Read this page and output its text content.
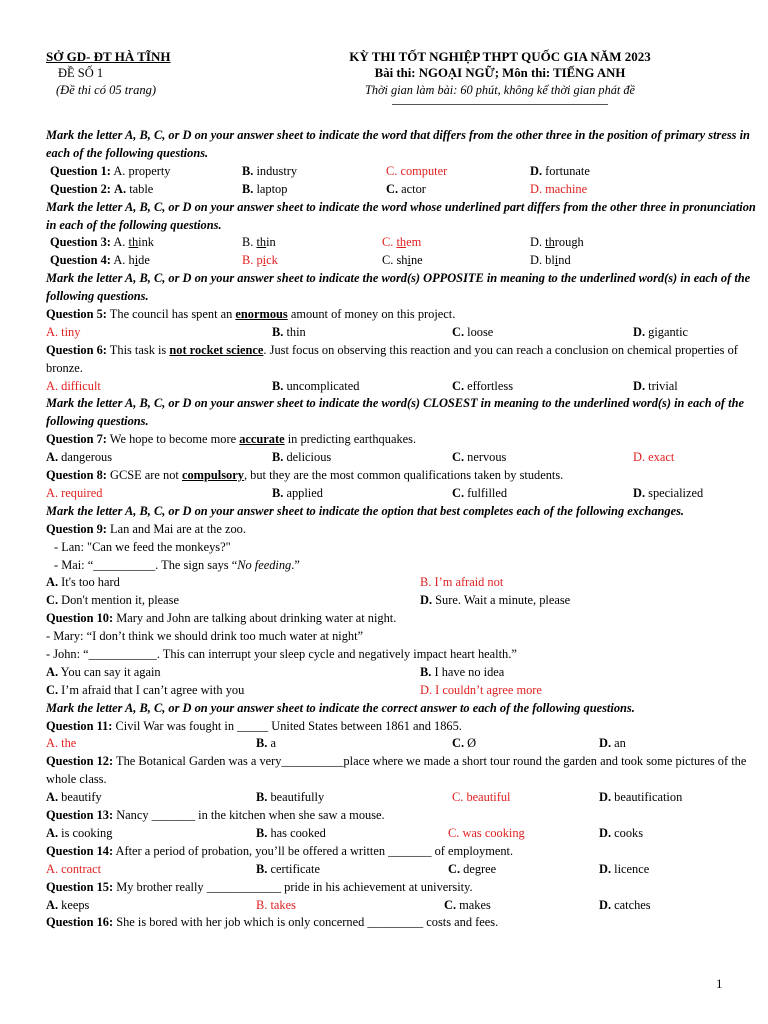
SỞ GD- ĐT HÀ TĨNH
ĐỀ SỐ 1
(Đề thi có 05 trang)
KỲ THI TỐT NGHIỆP THPT QUỐC GIA NĂM 2023
Bài thi: NGOẠI NGỮ; Môn thi: TIẾNG ANH
Thời gian làm bài: 60 phút, không kể thời gian phát đề
Mark the letter A, B, C, or D on your answer sheet to indicate the word that differs from the other three in the position of primary stress in each of the following questions.
Question 1: A. property	B. industry	C. computer	D. fortunate
Question 2: A. table	B. laptop	C. actor	D. machine
Mark the letter A, B, C, or D on your answer sheet to indicate the word whose underlined part differs from the other three in pronunciation in each of the following questions.
Question 3: A. think	B. thin	C. them	D. through
Question 4: A. hide	B. pick	C. shine	D. blind
Mark the letter A, B, C, or D on your answer sheet to indicate the word(s) OPPOSITE in meaning to the underlined word(s) in each of the following questions.
Question 5: The council has spent an enormous amount of money on this project.
A. tiny	B. thin	C. loose	D. gigantic
Question 6: This task is not rocket science. Just focus on observing this reaction and you can reach a conclusion on chemical properties of bronze.
A. difficult	B. uncomplicated	C. effortless	D. trivial
Mark the letter A, B, C, or D on your answer sheet to indicate the word(s) CLOSEST in meaning to the underlined word(s) in each of the following questions.
Question 7: We hope to become more accurate in predicting earthquakes.
A. dangerous	B. delicious	C. nervous	D. exact
Question 8: GCSE are not compulsory, but they are the most common qualifications taken by students.
A. required	B. applied	C. fulfilled	D. specialized
Mark the letter A, B, C, or D on your answer sheet to indicate the option that best completes each of the following exchanges.
Question 9: Lan and Mai are at the zoo.
- Lan: "Can we feed the monkeys?"
- Mai: “__________. The sign says “No feeding.”
A. It's too hard	B. I’m afraid not
C. Don't mention it, please	D. Sure. Wait a minute, please
Question 10: Mary and John are talking about drinking water at night.
- Mary: “I don’t think we should drink too much water at night”
- John: “___________. This can interrupt your sleep cycle and negatively impact heart health.”
A. You can say it again	B. I have no idea
C. I’m afraid that I can’t agree with you	D. I couldn’t agree more
Mark the letter A, B, C, or D on your answer sheet to indicate the correct answer to each of the following questions.
Question 11: Civil War was fought in _____ United States between 1861 and 1865.
A. the	B. a	C. Ø	D. an
Question 12: The Botanical Garden was a very__________place where we made a short tour round the garden and took some pictures of the whole class.
A. beautify	B. beautifully	C. beautiful	D. beautification
Question 13: Nancy _______ in the kitchen when she saw a mouse.
A. is cooking	B. has cooked	C. was cooking	D. cooks
Question 14: After a period of probation, you’ll be offered a written _______ of employment.
A. contract	B. certificate	C. degree	D. licence
Question 15: My brother really ____________ pride in his achievement at university.
A. keeps	B. takes	C. makes	D. catches
Question 16: She is bored with her job which is only concerned _________ costs and fees.
1
